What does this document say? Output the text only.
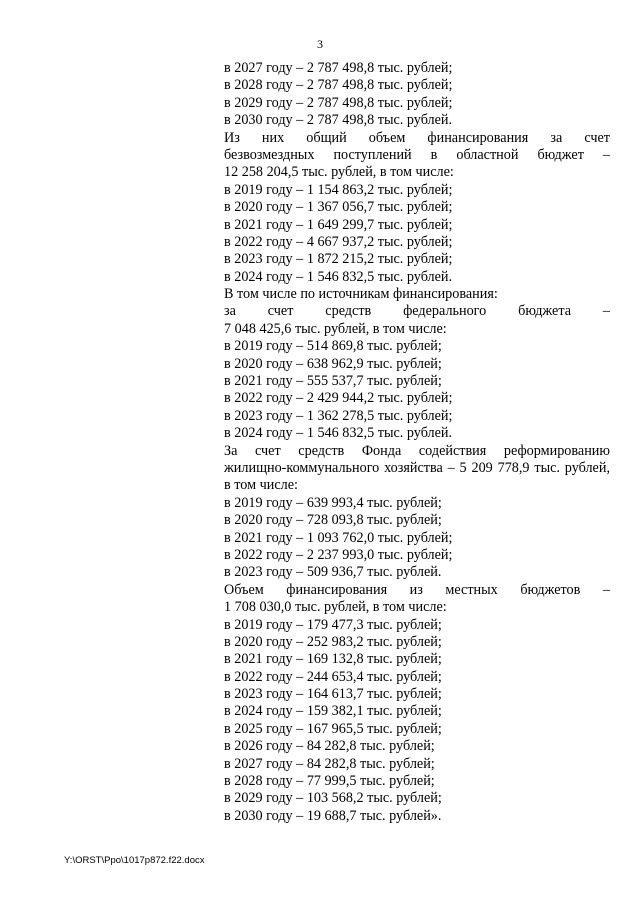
3
в 2027 году – 2 787 498,8 тыс. рублей;
в 2028 году – 2 787 498,8 тыс. рублей;
в 2029 году – 2 787 498,8 тыс. рублей;
в 2030 году – 2 787 498,8 тыс. рублей.
Из них общий объем финансирования за счет
безвозмездных поступлений в областной бюджет –
12 258 204,5 тыс. рублей, в том числе:
в 2019 году – 1 154 863,2 тыс. рублей;
в 2020 году – 1 367 056,7 тыс. рублей;
в 2021 году – 1 649 299,7 тыс. рублей;
в 2022 году – 4 667 937,2 тыс. рублей;
в 2023 году – 1 872 215,2 тыс. рублей;
в 2024 году – 1 546 832,5 тыс. рублей.
В том числе по источникам финансирования:
за счет средств федерального бюджета –
7 048 425,6 тыс. рублей, в том числе:
в 2019 году – 514 869,8 тыс. рублей;
в 2020 году – 638 962,9 тыс. рублей;
в 2021 году – 555 537,7 тыс. рублей;
в 2022 году – 2 429 944,2 тыс. рублей;
в 2023 году – 1 362 278,5 тыс. рублей;
в 2024 году – 1 546 832,5 тыс. рублей.
За счет средств Фонда содействия реформированию
жилищно-коммунального хозяйства – 5 209 778,9 тыс. рублей,
в том числе:
в 2019 году – 639 993,4 тыс. рублей;
в 2020 году – 728 093,8 тыс. рублей;
в 2021 году – 1 093 762,0 тыс. рублей;
в 2022 году – 2 237 993,0 тыс. рублей;
в 2023 году – 509 936,7 тыс. рублей.
Объем финансирования из местных бюджетов –
1 708 030,0 тыс. рублей, в том числе:
в 2019 году – 179 477,3 тыс. рублей;
в 2020 году – 252 983,2 тыс. рублей;
в 2021 году – 169 132,8 тыс. рублей;
в 2022 году – 244 653,4 тыс. рублей;
в 2023 году – 164 613,7 тыс. рублей;
в 2024 году – 159 382,1 тыс. рублей;
в 2025 году – 167 965,5 тыс. рублей;
в 2026 году – 84 282,8 тыс. рублей;
в 2027 году – 84 282,8 тыс. рублей;
в 2028 году – 77 999,5 тыс. рублей;
в 2029 году – 103 568,2 тыс. рублей;
в 2030 году – 19 688,7 тыс. рублей».
Y:\ORST\Ppo\1017p872.f22.docx
